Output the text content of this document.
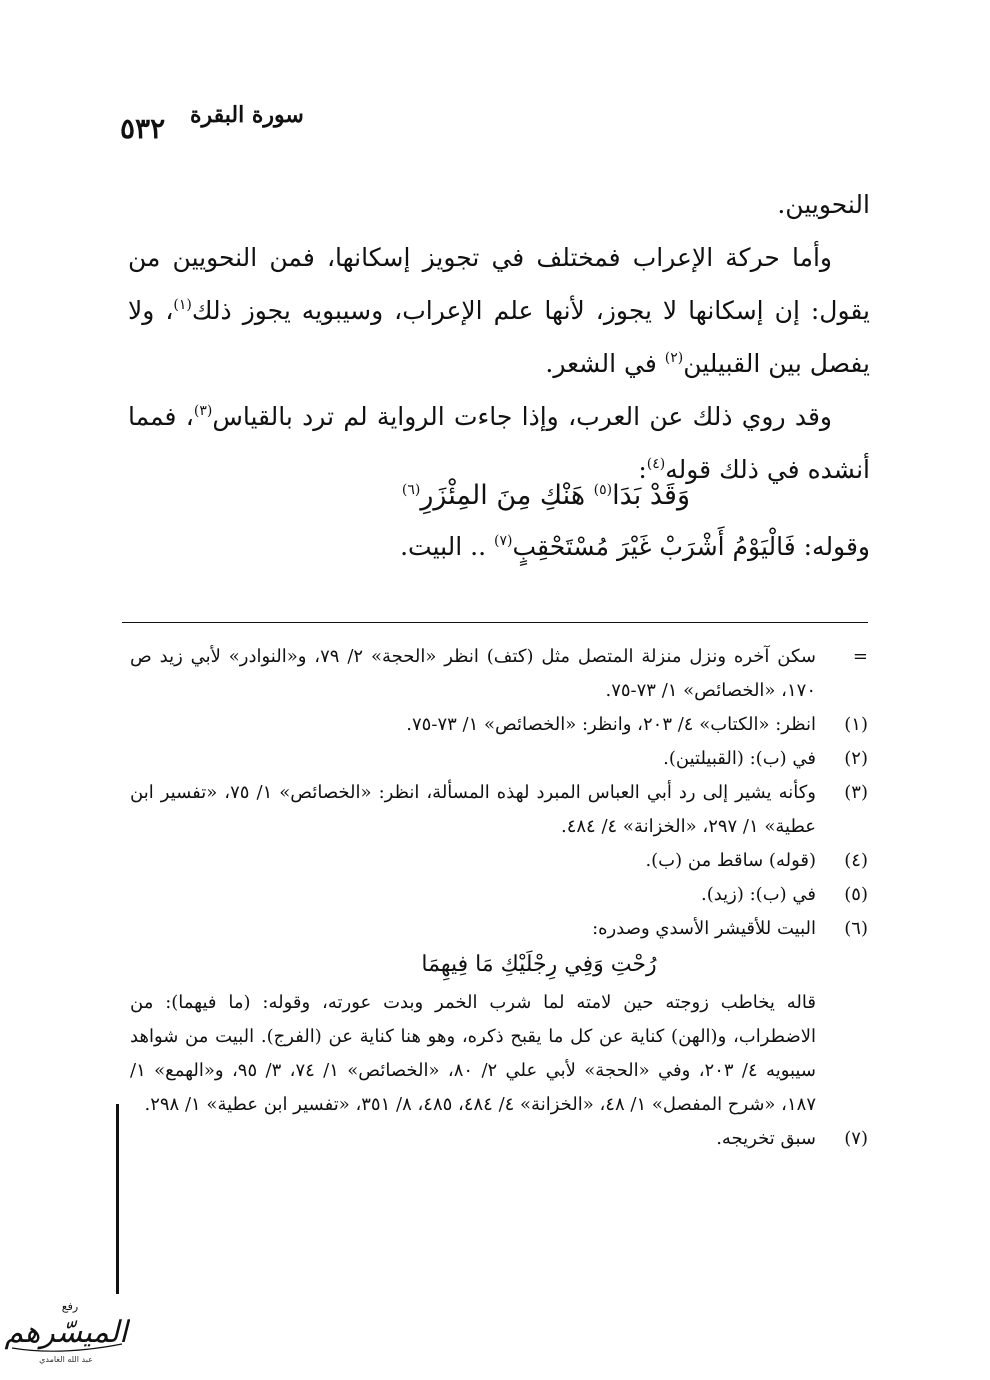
٥٣٢ سورة البقرة

النحويين.

وأما حركة الإعراب فمختلف في تجويز إسكانها، فمن النحويين من يقول: إن إسكانها لا يجوز، لأنها علم الإعراب، وسيبويه يجوز ذلك$^{(١)}$، ولا يفصل بين القبيلين$^{(٢)}$ في الشعر.

وقد روي ذلك عن العرب، وإذا جاءت الرواية لم ترد بالقياس$^{(٣)}$، فمما أنشده في ذلك قوله$^{(٤)}$:

وَقَدْ بَدَا$^{(٥)}$ هَنْكِ مِنَ المِئْزَرِ$^{(٦)}$
وقوله: فَالْيَوْمُ أَشْرَبْ غَيْرَ مُسْتَحْقِبٍ$^{(٧)}$ .. البيت.
=
سكن آخره ونزل منزلة المتصل مثل (كتف) انظر «الحجة» ٢/ ٧٩، و«النوادر» لأبي زيد ص ١٧٠، «الخصائص» ١/ ٧٣-٧٥.
(١)
انظر: «الكتاب» ٤/ ٢٠٣، وانظر: «الخصائص» ١/ ٧٣-٧٥.
(٢)
في (ب): (القبيلتين).
(٣)
وكأنه يشير إلى رد أبي العباس المبرد لهذه المسألة، انظر: «الخصائص» ١/ ٧٥، «تفسير ابن عطية» ١/ ٢٩٧، «الخزانة» ٤/ ٤٨٤.
(٤)
(قوله) ساقط من (ب).
(٥)
في (ب): (زيد).
(٦)
البيت للأقيشر الأسدي وصدره:
رُحْتِ وَفِي رِجْلَيْكِ مَا فِيهِمَا
قاله يخاطب زوجته حين لامته لما شرب الخمر وبدت عورته، وقوله: (ما فيهما): من الاضطراب، و(الهن) كناية عن كل ما يقبح ذكره، وهو هنا كناية عن (الفرج). البيت من شواهد سيبويه ٤/ ٢٠٣، وفي «الحجة» لأبي علي ٢/ ٨٠، «الخصائص» ١/ ٧٤، ٣/ ٩٥، و«الهمع» ١/ ١٨٧، «شرح المفصل» ١/ ٤٨، «الخزانة» ٤/ ٤٨٤، ٤٨٥، ٨/ ٣٥١، «تفسير ابن عطية» ١/ ٢٩٨.
(٧)
سبق تخريجه.
رفع
المیسّرهم
عبد الله الغامدي
